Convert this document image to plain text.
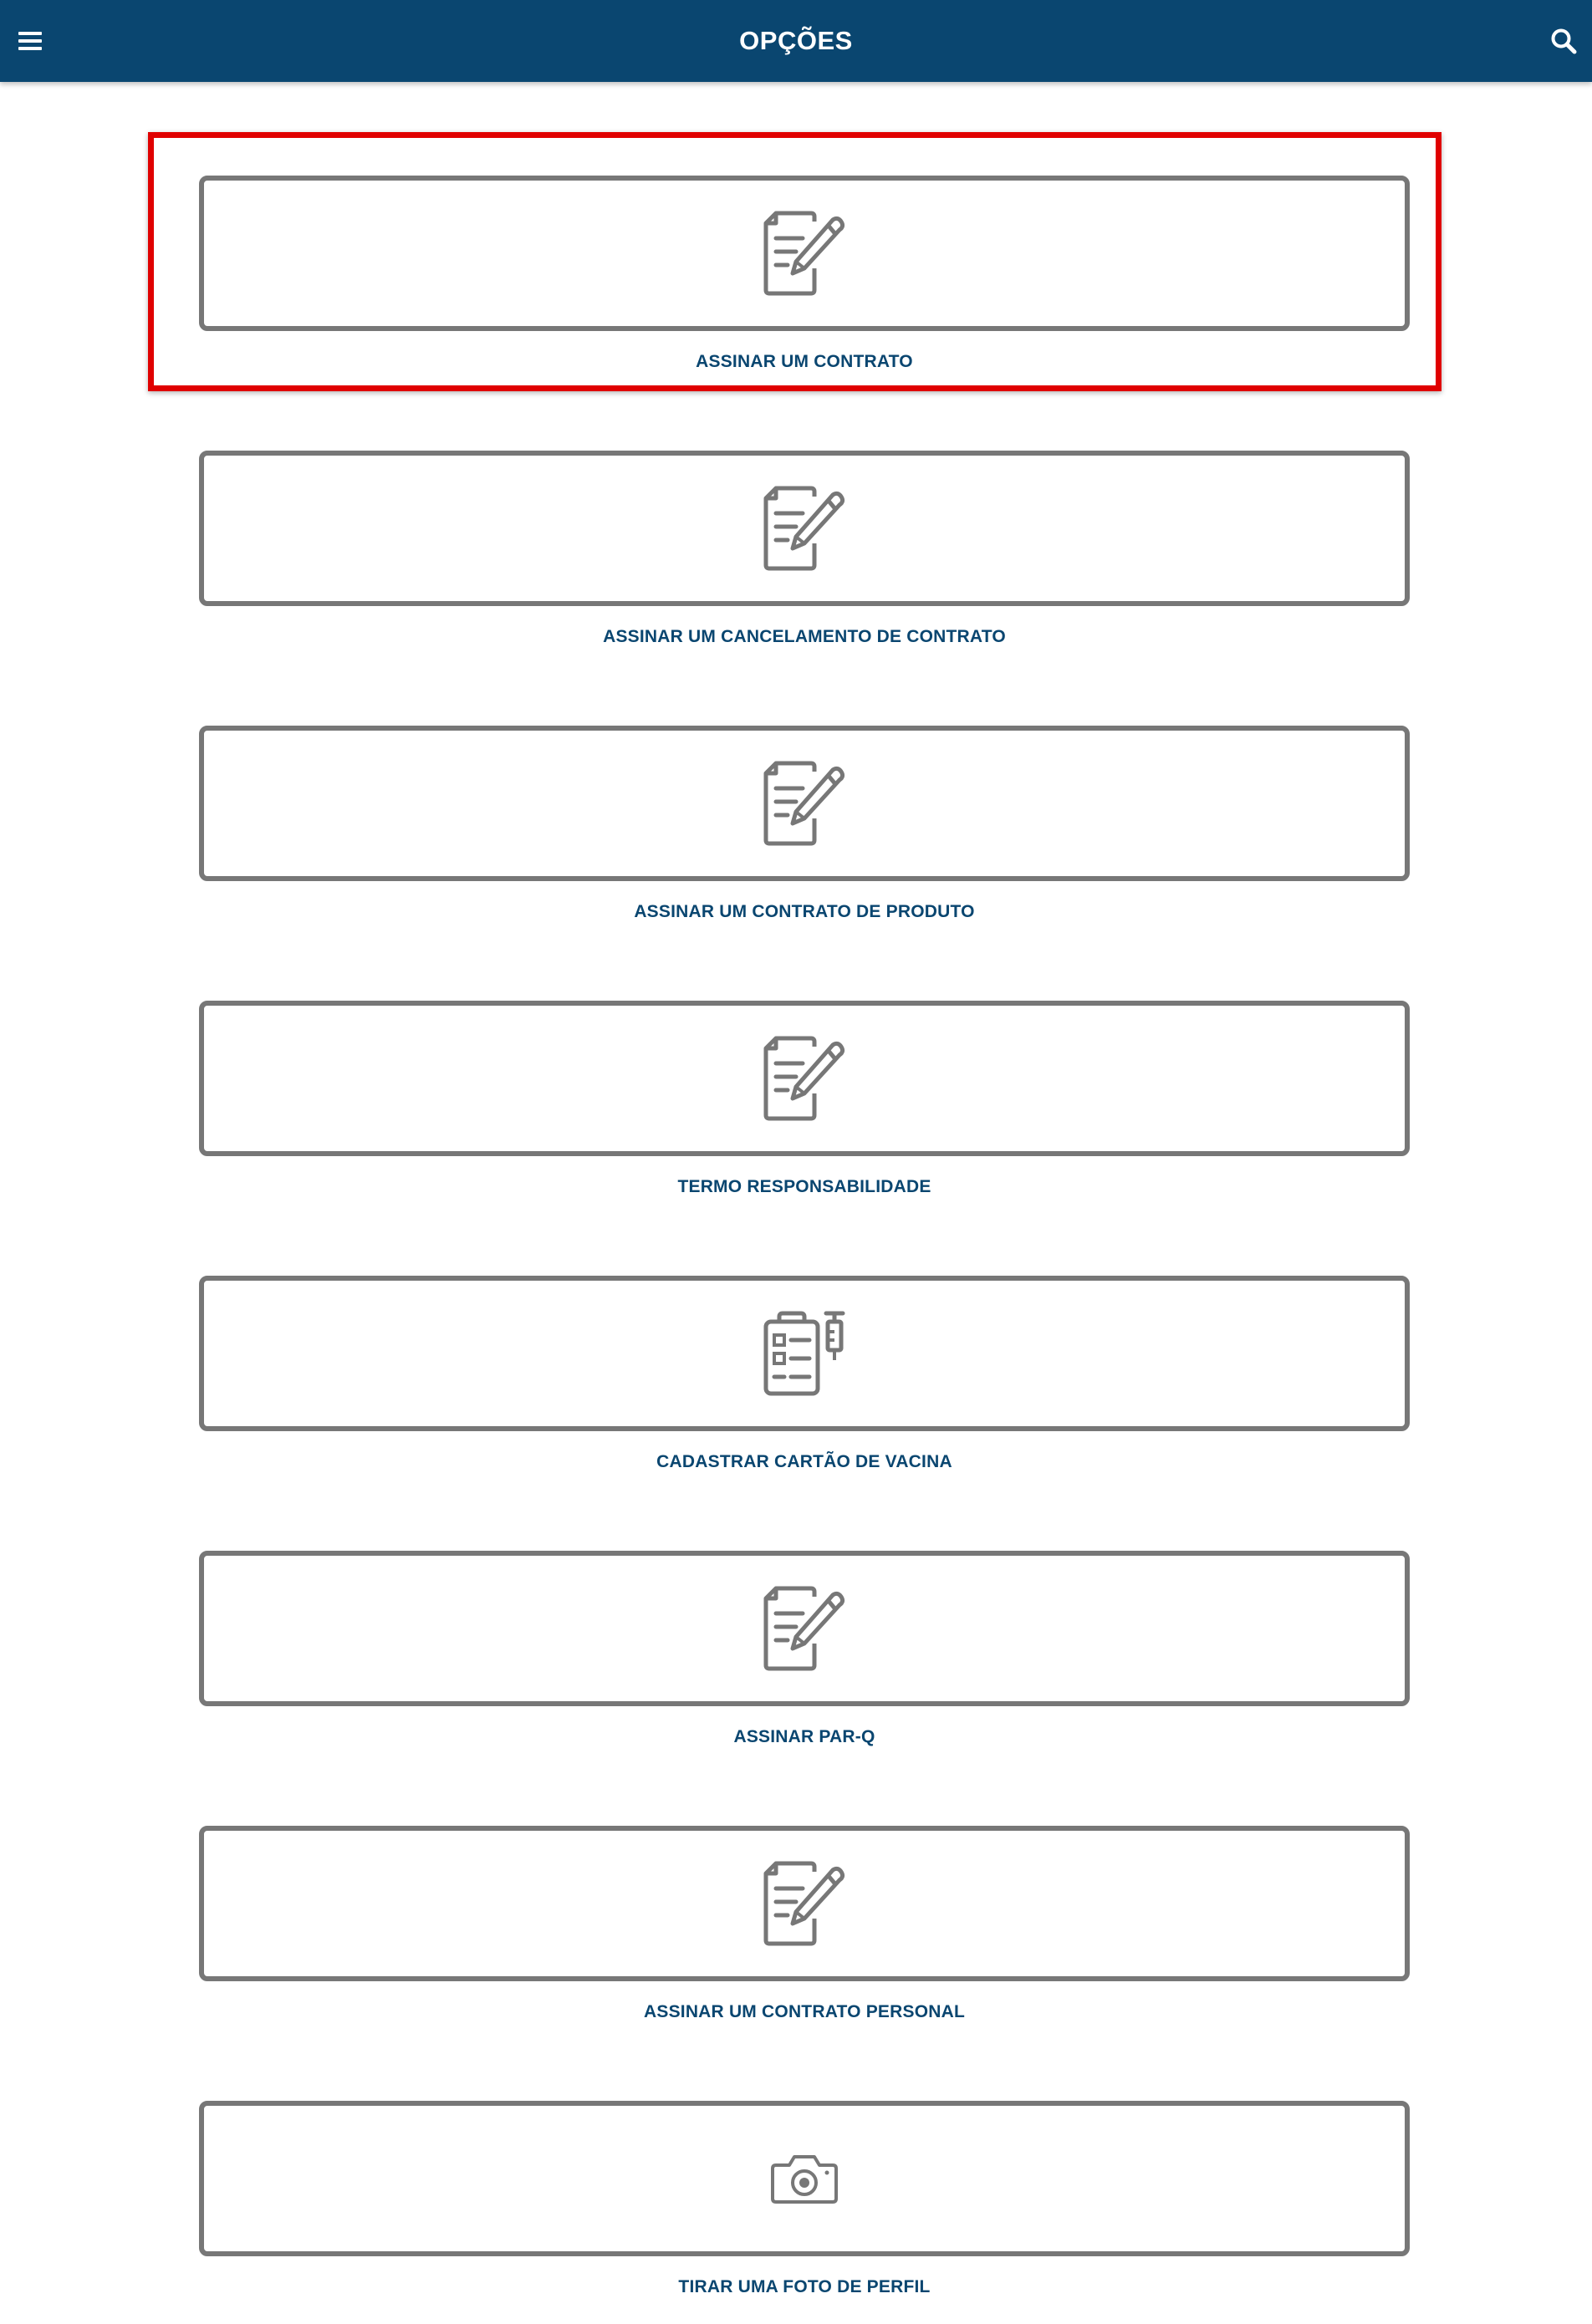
OPÇÕES
ASSINAR UM CONTRATO
ASSINAR UM CANCELAMENTO DE CONTRATO
ASSINAR UM CONTRATO DE PRODUTO
TERMO RESPONSABILIDADE
CADASTRAR CARTÃO DE VACINA
ASSINAR PAR-Q
ASSINAR UM CONTRATO PERSONAL
TIRAR UMA FOTO DE PERFIL
